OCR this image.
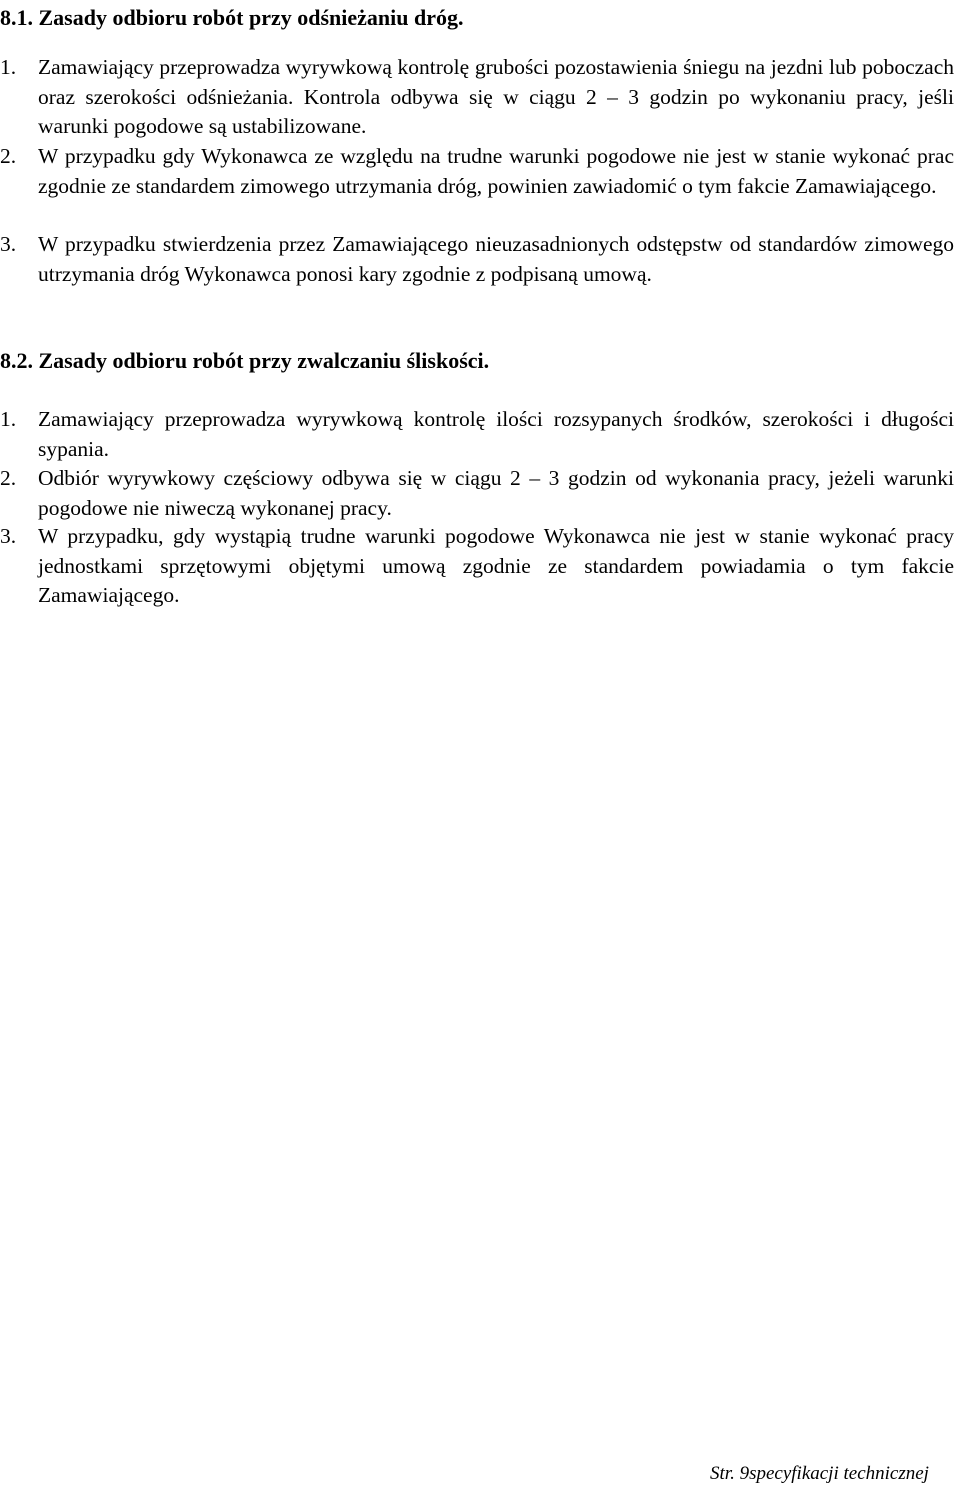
8.1. Zasady odbioru robót przy odśnieżaniu dróg.

1. Zamawiający przeprowadza wyrywkową kontrolę grubości pozostawienia śniegu na jezdni lub poboczach oraz szerokości odśnieżania. Kontrola odbywa się w ciągu 2 – 3 godzin po wykonaniu pracy, jeśli warunki pogodowe są ustabilizowane.

2. W przypadku gdy Wykonawca ze względu na trudne warunki pogodowe nie jest w stanie wykonać prac zgodnie ze standardem zimowego utrzymania dróg, powinien zawiadomić o tym fakcie Zamawiającego.

3. W przypadku stwierdzenia przez Zamawiającego nieuzasadnionych odstępstw od standardów zimowego utrzymania dróg Wykonawca ponosi kary zgodnie z podpisaną umową.

8.2. Zasady odbioru robót przy zwalczaniu śliskości.

1. Zamawiający przeprowadza wyrywkową kontrolę ilości rozsypanych środków, szerokości i długości sypania.

2. Odbiór wyrywkowy częściowy odbywa się w ciągu 2 – 3 godzin od wykonania pracy, jeżeli warunki pogodowe nie niweczą wykonanej pracy.

3. W przypadku, gdy wystąpią trudne warunki pogodowe Wykonawca nie jest w stanie wykonać pracy jednostkami sprzętowymi objętymi umową zgodnie ze standardem powiadamia o tym fakcie Zamawiającego.

Str. 9specyfikacji technicznej
